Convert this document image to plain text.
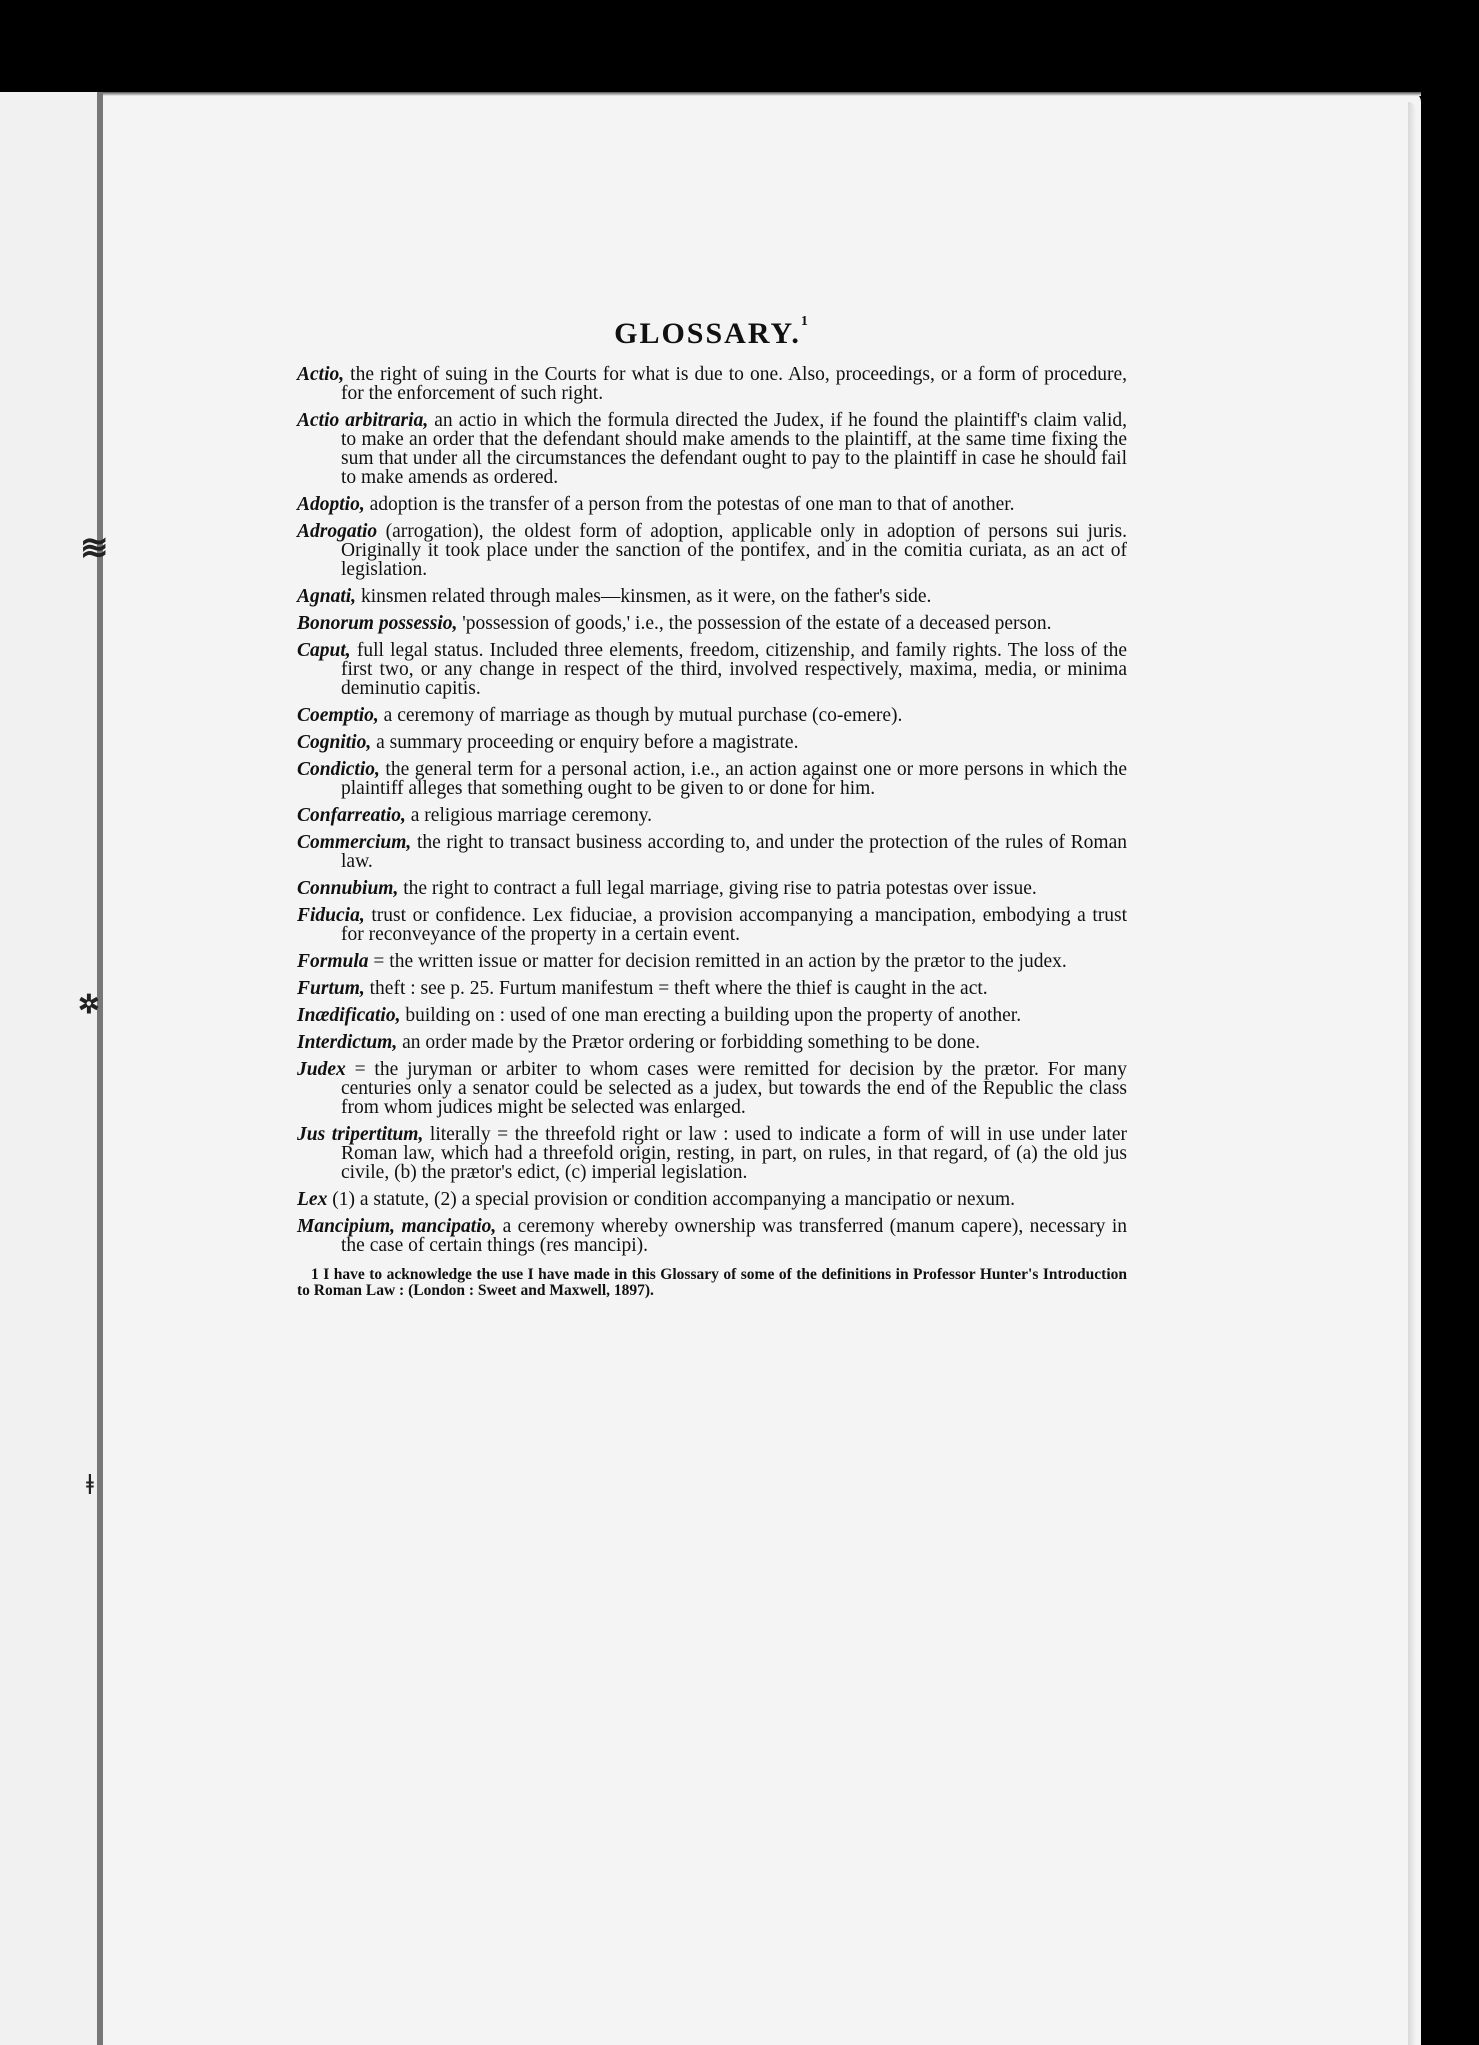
≋
✲
ǂ
GLOSSARY.$^1$
Actio, the right of suing in the Courts for what is due to one. Also, proceedings, or a form of procedure, for the enforcement of such right.
Actio arbitraria, an actio in which the formula directed the Judex, if he found the plaintiff's claim valid, to make an order that the defendant should make amends to the plaintiff, at the same time fixing the sum that under all the circumstances the defendant ought to pay to the plaintiff in case he should fail to make amends as ordered.
Adoptio, adoption is the transfer of a person from the potestas of one man to that of another.
Adrogatio (arrogation), the oldest form of adoption, applicable only in adoption of persons sui juris. Originally it took place under the sanction of the pontifex, and in the comitia curiata, as an act of legislation.
Agnati, kinsmen related through males—kinsmen, as it were, on the father's side.
Bonorum possessio, 'possession of goods,' i.e., the possession of the estate of a deceased person.
Caput, full legal status. Included three elements, freedom, citizenship, and family rights. The loss of the first two, or any change in respect of the third, involved respectively, maxima, media, or minima deminutio capitis.
Coemptio, a ceremony of marriage as though by mutual purchase (co-emere).
Cognitio, a summary proceeding or enquiry before a magistrate.
Condictio, the general term for a personal action, i.e., an action against one or more persons in which the plaintiff alleges that something ought to be given to or done for him.
Confarreatio, a religious marriage ceremony.
Commercium, the right to transact business according to, and under the protection of the rules of Roman law.
Connubium, the right to contract a full legal marriage, giving rise to patria potestas over issue.
Fiducia, trust or confidence. Lex fiduciae, a provision accompanying a mancipation, embodying a trust for reconveyance of the property in a certain event.
Formula = the written issue or matter for decision remitted in an action by the prætor to the judex.
Furtum, theft : see p. 25. Furtum manifestum = theft where the thief is caught in the act.
Inædificatio, building on : used of one man erecting a building upon the property of another.
Interdictum, an order made by the Prætor ordering or forbidding something to be done.
Judex = the juryman or arbiter to whom cases were remitted for decision by the prætor. For many centuries only a senator could be selected as a judex, but towards the end of the Republic the class from whom judices might be selected was enlarged.
Jus tripertitum, literally = the threefold right or law : used to indicate a form of will in use under later Roman law, which had a threefold origin, resting, in part, on rules, in that regard, of (a) the old jus civile, (b) the prætor's edict, (c) imperial legislation.
Lex (1) a statute, (2) a special provision or condition accompanying a mancipatio or nexum.
Mancipium, mancipatio, a ceremony whereby ownership was transferred (manum capere), necessary in the case of certain things (res mancipi).
1 I have to acknowledge the use I have made in this Glossary of some of the definitions in Professor Hunter's Introduction to Roman Law : (London : Sweet and Maxwell, 1897).
